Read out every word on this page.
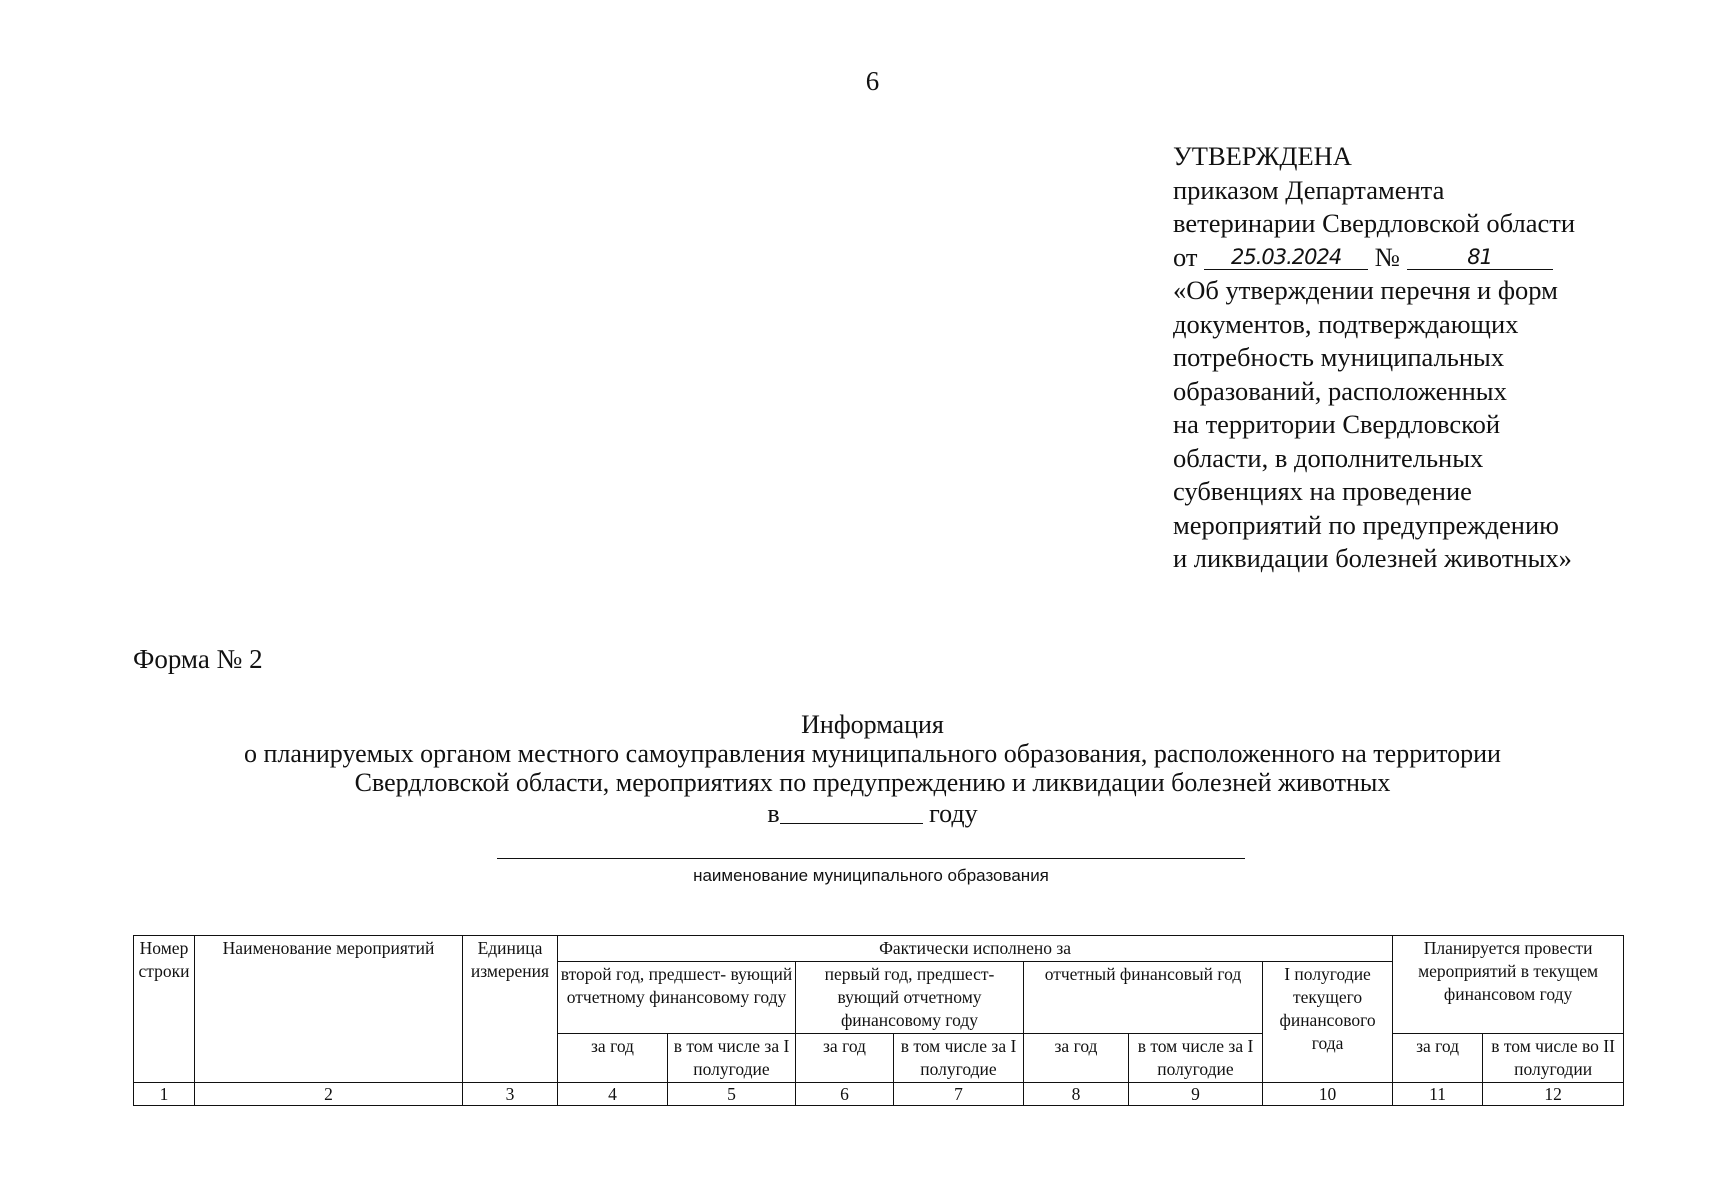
6
УТВЕРЖДЕНА
приказом Департамента
ветеринарии Свердловской области
от 25.03.2024 №	81
«Об утверждении перечня и форм
документов, подтверждающих
потребность муниципальных
образований, расположенных
на территории Свердловской
области, в дополнительных
субвенциях на проведение
мероприятий по предупреждению
и ликвидации болезней животных»
Форма № 2
Информация
о планируемых органом местного самоуправления муниципального образования, расположенного на территории
Свердловской области, мероприятиях по предупреждению и ликвидации болезней животных
в	году
наименование муниципального образования
Номер строки	Наименование мероприятий	Единица измерения	Фактически исполнено за							Планируется провести мероприятий в текущем финансовом году	
			второй год, предшест- вующий отчетному финансовому году		первый год, предшест- вующий отчетному финансовому году		отчетный финансовый год		I полугодие текущего финансового года		
			за год	в том числе за I полугодие	за год	в том числе за I полугодие	за год	в том числе за I полугодие		за год	в том числе во II полугодии
1	2	3	4	5	6	7	8	9	10	11	12
